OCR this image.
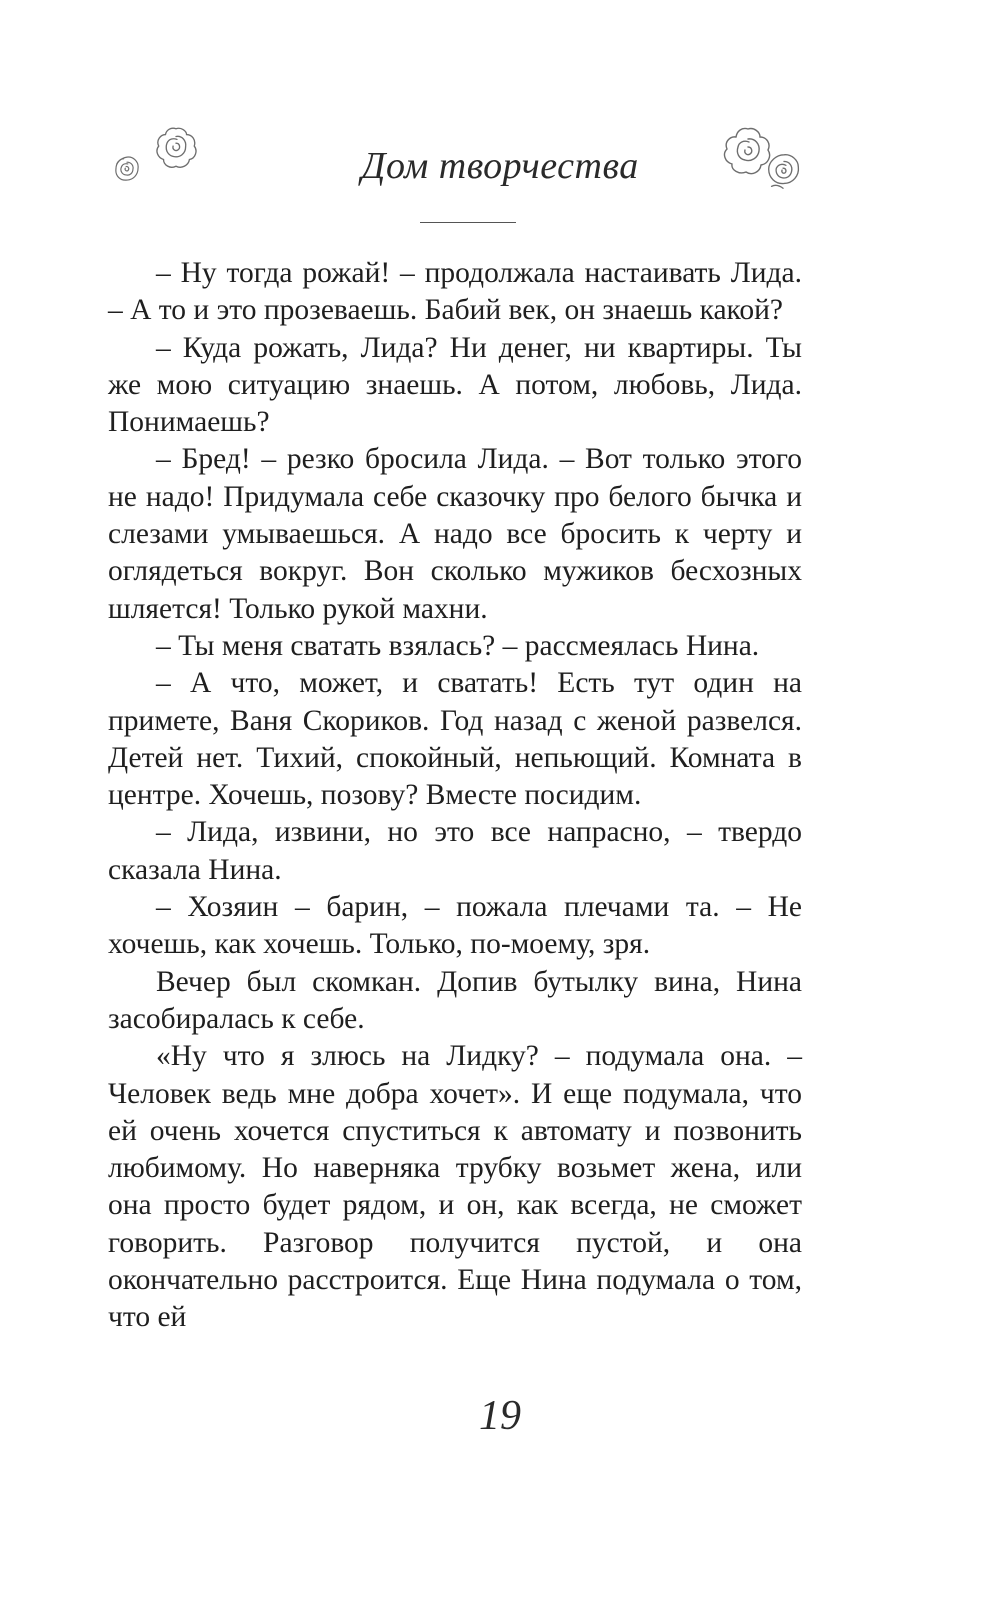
Дом творчества

– Ну тогда рожай! – продолжала настаивать Лида. – А то и это прозеваешь. Бабий век, он знаешь какой?

– Куда рожать, Лида? Ни денег, ни квартиры. Ты же мою ситуацию знаешь. А потом, любовь, Лида. Понимаешь?

– Бред! – резко бросила Лида. – Вот только этого не надо! Придумала себе сказочку про белого бычка и слезами умываешься. А надо все бросить к черту и оглядеться вокруг. Вон сколько мужиков бесхозных шляется! Только рукой махни.

– Ты меня сватать взялась? – рассмеялась Нина.

– А что, может, и сватать! Есть тут один на примете, Ваня Скориков. Год назад с женой развелся. Детей нет. Тихий, спокойный, непьющий. Комната в центре. Хочешь, позову? Вместе посидим.

– Лида, извини, но это все напрасно, – твердо сказала Нина.

– Хозяин – барин, – пожала плечами та. – Не хочешь, как хочешь. Только, по-моему, зря.

Вечер был скомкан. Допив бутылку вина, Нина засобиралась к себе.

«Ну что я злюсь на Лидку? – подумала она. – Человек ведь мне добра хочет». И еще подумала, что ей очень хочется спуститься к автомату и позвонить любимому. Но наверняка трубку возьмет жена, или она просто будет рядом, и он, как всегда, не сможет говорить. Разговор получится пустой, и она окончательно расстроится. Еще Нина подумала о том, что ей

19
